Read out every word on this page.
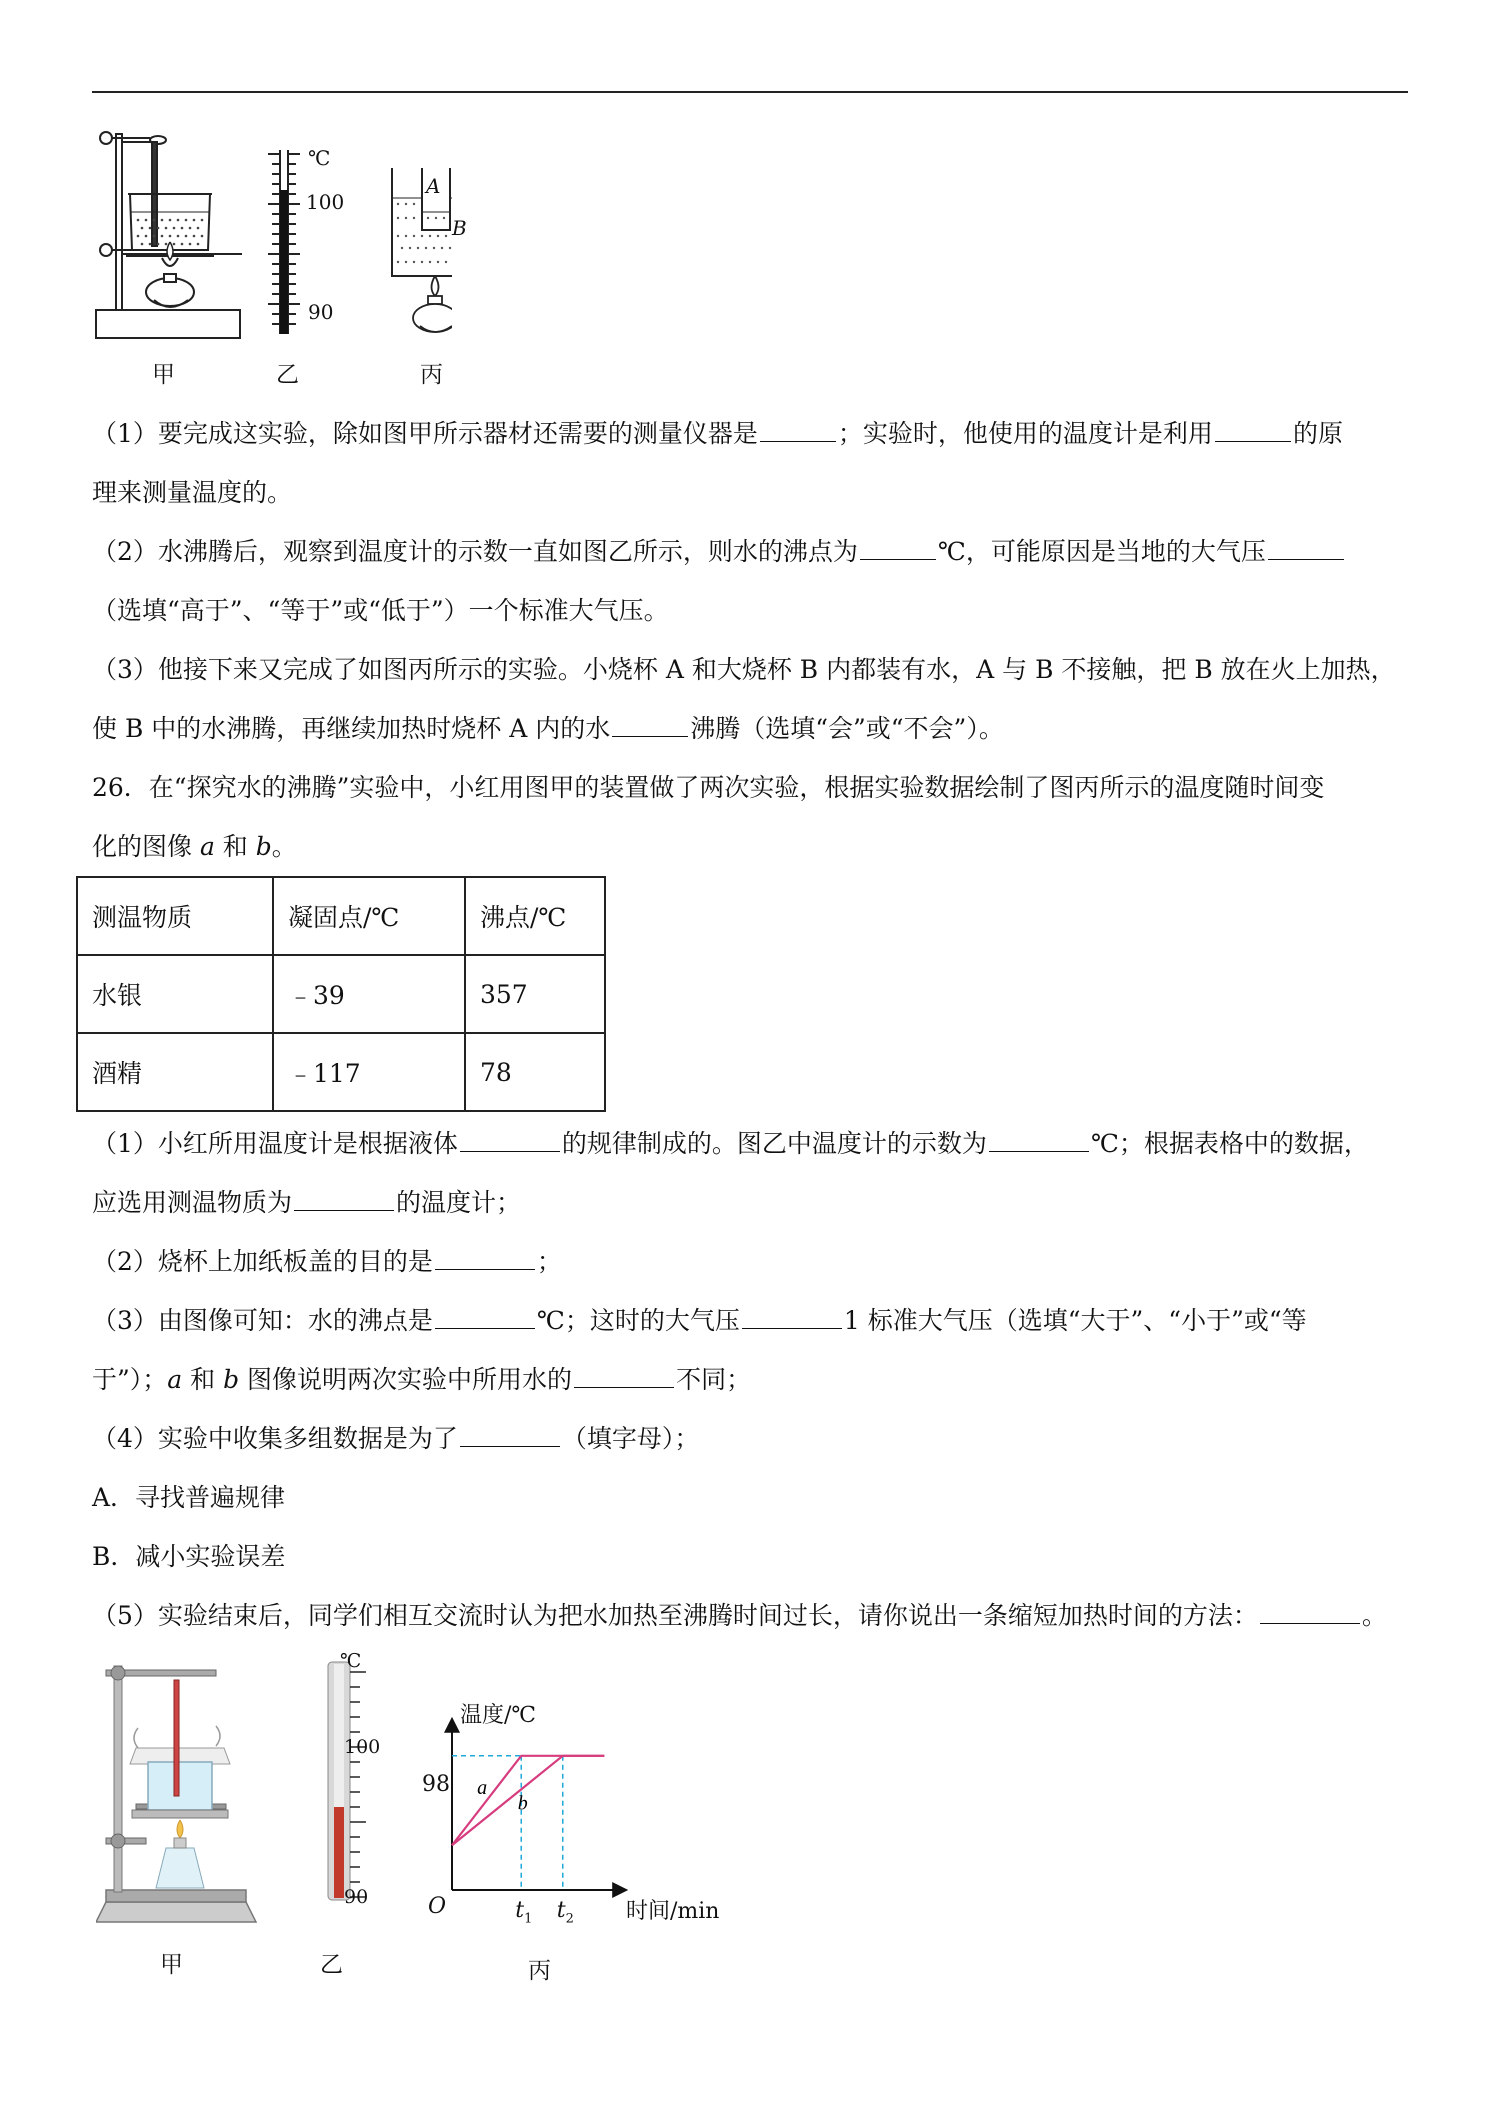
℃
100
90
A
B
甲	乙	丙
（1）要完成这实验，除如图甲所示器材还需要的测量仪器是	；实验时，他使用的温度计是利用	的原
理来测量温度的。
（2）水沸腾后，观察到温度计的示数一直如图乙所示，则水的沸点为	℃，可能原因是当地的大气压
（选填“高于”、“等于”或“低于”）一个标准大气压。
（3）他接下来又完成了如图丙所示的实验。小烧杯 A 和大烧杯 B 内都装有水，A 与 B 不接触，把 B 放在火上加热，
使 B 中的水沸腾，再继续加热时烧杯 A 内的水	沸腾（选填“会”或“不会”）。
26．在“探究水的沸腾”实验中，小红用图甲的装置做了两次实验，根据实验数据绘制了图丙所示的温度随时间变
化的图像 a 和 b。
测温物质	凝固点/℃	沸点/℃
水银	﹣39	357
酒精	﹣117	78
（1）小红所用温度计是根据液体	的规律制成的。图乙中温度计的示数为	℃；根据表格中的数据，
应选用测温物质为	的温度计；
（2）烧杯上加纸板盖的目的是	；
（3）由图像可知：水的沸点是	℃；这时的大气压	1 标准大气压（选填“大于”、“小于”或“等
于”）；a 和 b 图像说明两次实验中所用水的	不同；
（4）实验中收集多组数据是为了	（填字母）；
A．寻找普遍规律
B．减小实验误差
（5）实验结束后，同学们相互交流时认为把水加热至沸腾时间过长，请你说出一条缩短加热时间的方法：	。
℃
100
90
甲	乙	丙
a
b
温度/℃
时间/min
O
98
$t_1$ $t_2$
